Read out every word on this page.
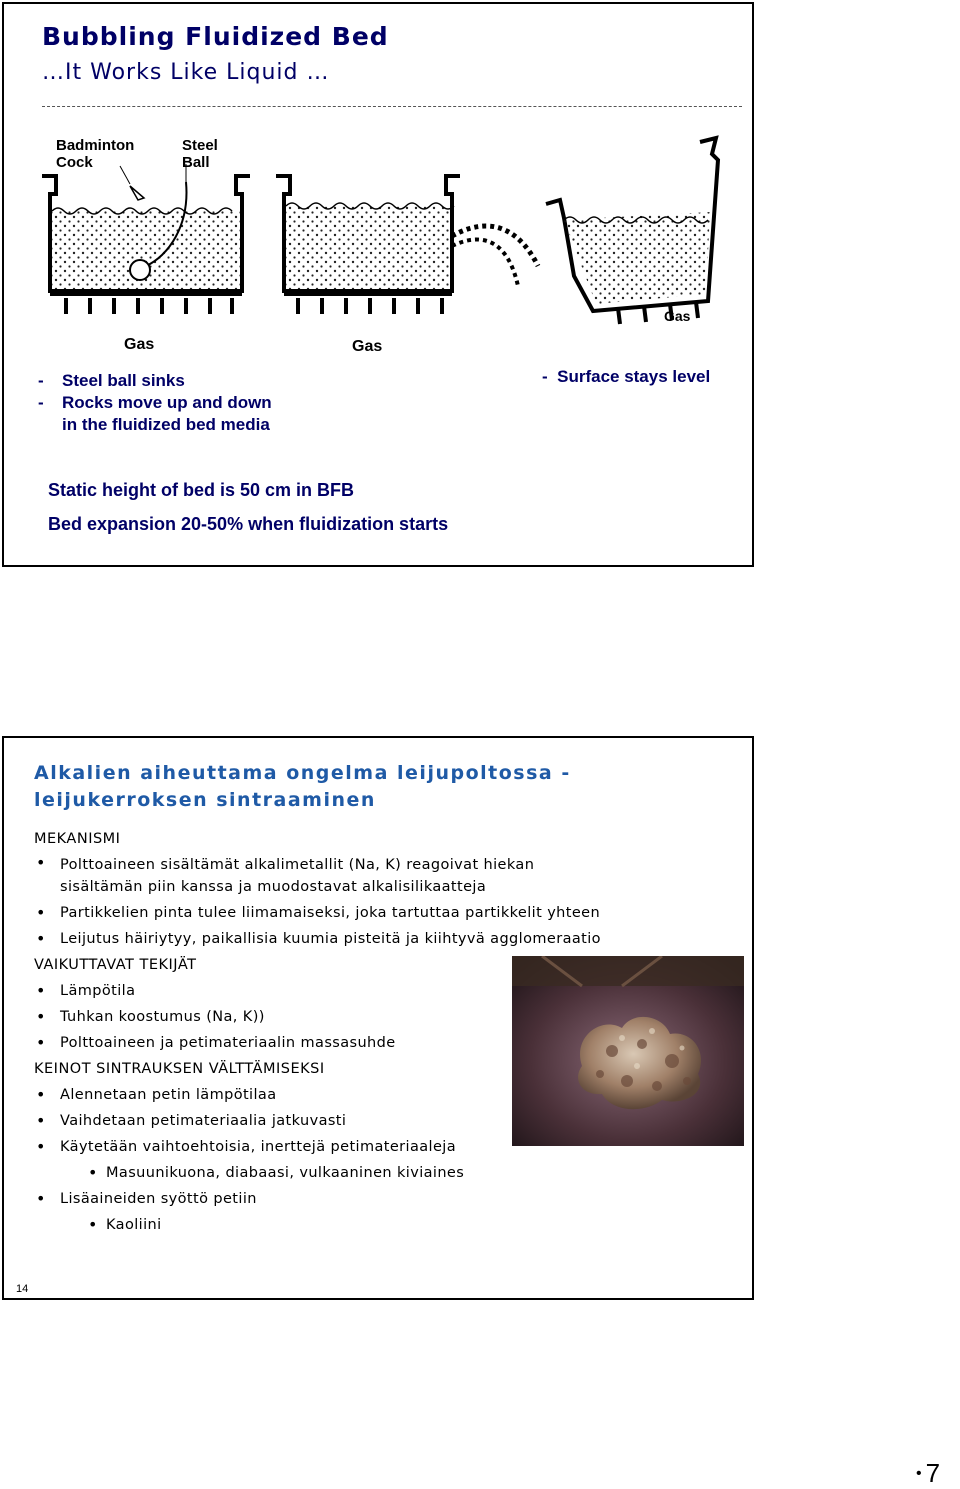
Bubbling Fluidized Bed
…It Works Like Liquid …
Badminton
Cock
Steel
Ball
Gas	Gas
Gas
- Steel ball sinks
- Rocks move up and down in the fluidized bed media
- Surface stays level
Static height of bed is 50 cm in BFB
Bed expansion 20-50% when fluidization starts
Alkalien aiheuttama ongelma leijupoltossa -
leijukerroksen sintraaminen
MEKANISMI
• Polttoaineen sisältämät alkalimetallit (Na, K) reagoivat hiekan sisältämän piin kanssa ja muodostavat alkalisilikaatteja
• Partikkelien pinta tulee liimamaiseksi, joka tartuttaa partikkelit yhteen
• Leijutus häiriytyy, paikallisia kuumia pisteitä ja kiihtyvä agglomeraatio
VAIKUTTAVAT TEKIJÄT
• Lämpötila
• Tuhkan koostumus (Na, K))
• Polttoaineen ja petimateriaalin massasuhde
KEINOT SINTRAUKSEN VÄLTTÄMISEKSI
• Alennetaan petin lämpötilaa
• Vaihdetaan petimateriaalia jatkuvasti
• Käytetään vaihtoehtoisia, inerttejä petimateriaaleja
• Masuunikuona, diabaasi, vulkaaninen kiviaines
• Lisäaineiden syöttö petiin
• Kaoliini
14
• 7
